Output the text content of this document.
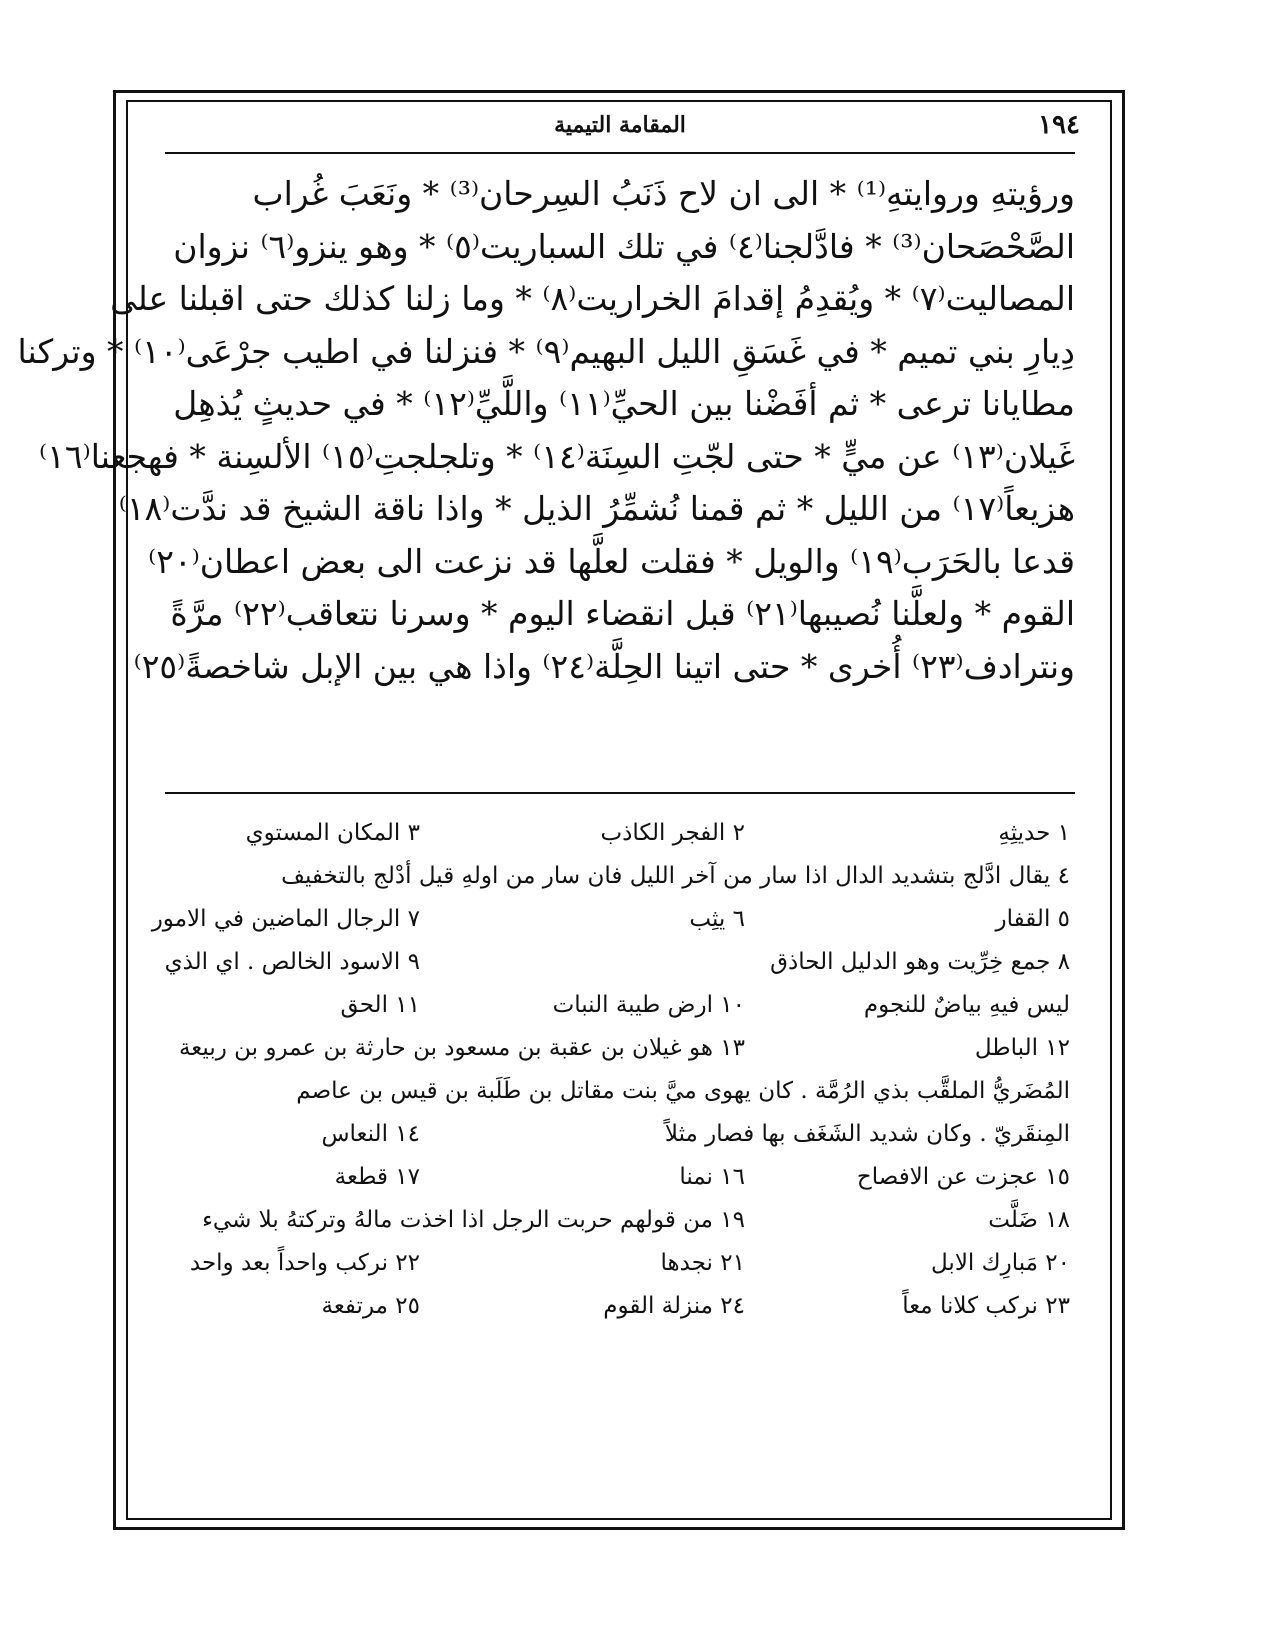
١٩٤
المقامة التيمية

ورؤيتهِ وروايتهِ⁽¹⁾ * الى ان لاح ذَنَبُ السِرحان⁽³⁾ * ونَعَبَ غُراب

الصَّحْصَحان⁽³⁾ * فادَّلجنا⁽٤⁾ في تلك السباريت⁽٥⁾ * وهو ينزو⁽٦⁾ نزوان

المصاليت⁽٧⁾ * ويُقدِمُ إقدامَ الخراريت⁽٨⁾ * وما زلنا كذلك حتى اقبلنا على

دِيارِ بني تميم * في غَسَقِ الليل البهيم⁽٩⁾ * فنزلنا في اطيب جرْعَى⁽١٠⁾ * وتركنا

مطايانا ترعى * ثم أفَضْنا بين الحيِّ⁽١١⁾ واللَّيِّ⁽١٢⁾ * في حديثٍ يُذهِل

غَيلان⁽١٣⁾ عن ميٍّ * حتى لجّتِ السِنَة⁽١٤⁾ * وتلجلجتِ⁽١٥⁾ الألسِنة * فهجعنا⁽١٦⁾

هزيعاً⁽١٧⁾ من الليل * ثم قمنا نُشمِّرُ الذيل * واذا ناقة الشيخ قد ندَّت⁽١٨⁾

قدعا بالحَرَب⁽١٩⁾ والويل * فقلت لعلَّها قد نزعت الى بعض اعطان⁽٢٠⁾

القوم * ولعلَّنا نُصيبها⁽٢١⁾ قبل انقضاء اليوم * وسرنا نتعاقب⁽٢٢⁾ مرَّةً

ونترادف⁽٢٣⁾ أُخرى * حتى اتينا الحِلَّة⁽٢٤⁾ واذا هي بين الإبل شاخصةً⁽٢٥⁾

١ حديثِهِ
٢ الفجر الكاذب
٣ المكان المستوي
٤ يقال ادَّلج بتشديد الدال اذا سار من آخر الليل فان سار من اولهِ قيل أدْلج بالتخفيف
٥ القفار
٦ يثِب
٧ الرجال الماضين في الامور
٨ جمع خِرِّيت وهو الدليل الحاذق
٩ الاسود الخالص . اي الذي
ليس فيهِ بياضٌ للنجوم
١٠ ارض طيبة النبات
١١ الحق
١٢ الباطل
١٣ هو غيلان بن عقبة بن مسعود بن حارثة بن عمرو بن ربيعة
المُضَريُّ الملقَّب بذي الرُمَّة . كان يهوى ميَّ بنت مقاتل بن طَلَبة بن قيس بن عاصم
المِنقَريّ . وكان شديد الشَغَف بها فصار مثلاً
١٤ النعاس
١٥ عجزت عن الافصاح
١٦ نمنا
١٧ قطعة
١٨ ضَلَّت
١٩ من قولهم حربت الرجل اذا اخذت مالهُ وتركتهُ بلا شيء
٢٠ مَبارِك الابل
٢١ نجدها
٢٢ نركب واحداً بعد واحد
٢٣ نركب كلانا معاً
٢٤ منزلة القوم
٢٥ مرتفعة
